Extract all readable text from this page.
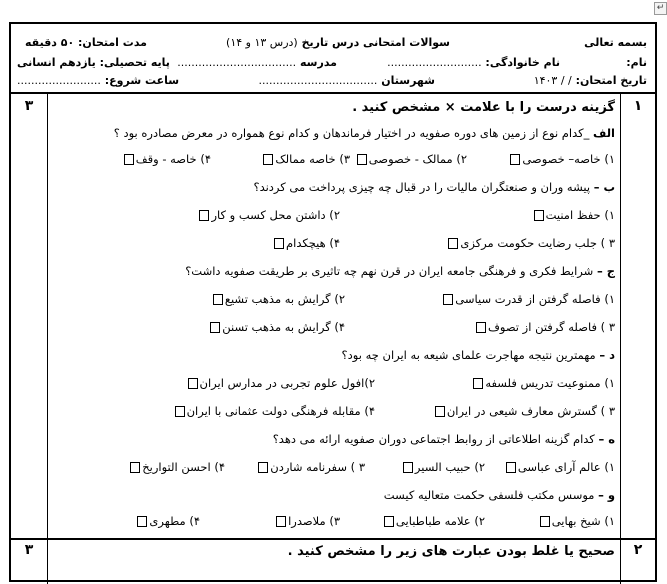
↵
بسمه تعالی
سوالات امتحانی درس تاریخ (درس ۱۳ و ۱۴)
مدت امتحان: ۵۰ دقیقه
نام:
نام خانوادگی: ...........................
مدرسه ..................................
پایه تحصیلی: یازدهم انسانی
تاریخ امتحان: / / ۱۴۰۳
شهرستان ..................................
ساعت شروع: ........................
۱
۳	گزینه درست را با علامت × مشخص کنید .
الف _کدام نوع از زمین های دوره صفویه در اختیار فرماندهان و کدام نوع همواره در معرض مصادره بود ؟
۱) خاصه– خصوصی
۲) ممالک - خصوصی
۳) خاصه ممالک
۴) خاصه - وقف
ب – پیشه وران و صنعتگران مالیات را در قبال چه چیزی پرداخت می کردند؟
۱) حفظ امنیت
۲) داشتن محل کسب و کار
۳ ) جلب رضایت حکومت مرکزی
۴) هیچکدام
ج – شرایط فکری و فرهنگی جامعه ایران در قرن نهم چه تاثیری بر طریقت صفویه داشت؟
۱) فاصله گرفتن از قدرت سیاسی
۲) گرایش به مذهب تشیع
۳ ) فاصله گرفتن از تصوف
۴) گرایش به مذهب تسنن
د – مهمترین نتیجه مهاجرت علمای شیعه به ایران چه بود؟
۱) ممنوعیت تدریس فلسفه
۲)افول علوم تجربی در مدارس ایران
۳ ) گسترش معارف شیعی در ایران
۴) مقابله فرهنگی دولت عثمانی با ایران
ه – کدام گزینه اطلاعاتی از روابط اجتماعی دوران صفویه ارائه می دهد؟
۱) عالم آرای عباسی
۲) حبیب السیر
۳ ) سفرنامه شاردن
۴) احسن التواریخ
و – موسس مکتب فلسفی حکمت متعالیه کیست
۱) شیخ بهایی
۲) علامه طباطبایی
۳) ملاصدرا
۴) مطهری
۲
۳	صحیح یا غلط بودن عبارت های زیر را مشخص کنید .
